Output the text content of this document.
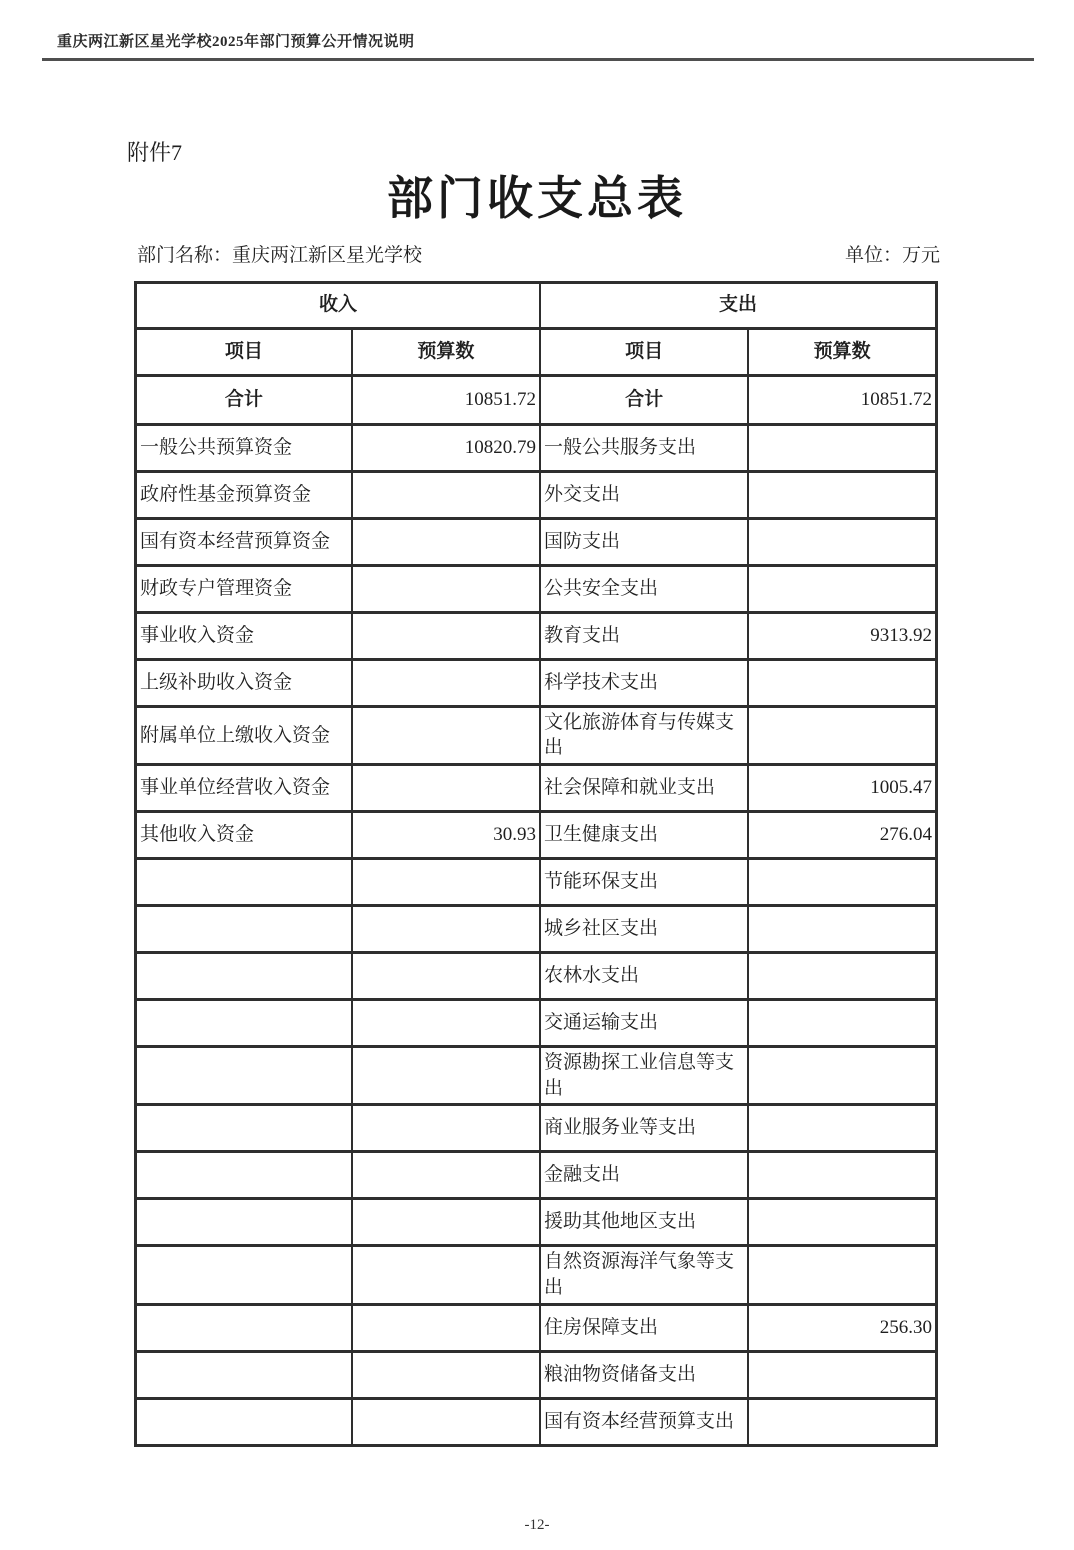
重庆两江新区星光学校2025年部门预算公开情况说明
附件7
部门收支总表
部门名称：重庆两江新区星光学校	单位：万元
收入		支出	
项目	预算数	项目	预算数
合计	10851.72	合计	10851.72
一般公共预算资金	10820.79	一般公共服务支出	
政府性基金预算资金		外交支出	
国有资本经营预算资金		国防支出	
财政专户管理资金		公共安全支出	
事业收入资金		教育支出	9313.92
上级补助收入资金		科学技术支出	
附属单位上缴收入资金		文化旅游体育与传媒支出	
事业单位经营收入资金		社会保障和就业支出	1005.47
其他收入资金	30.93	卫生健康支出	276.04
		节能环保支出	
		城乡社区支出	
		农林水支出	
		交通运输支出	
		资源勘探工业信息等支出	
		商业服务业等支出	
		金融支出	
		援助其他地区支出	
		自然资源海洋气象等支出	
		住房保障支出	256.30
		粮油物资储备支出	
		国有资本经营预算支出	
-12-
